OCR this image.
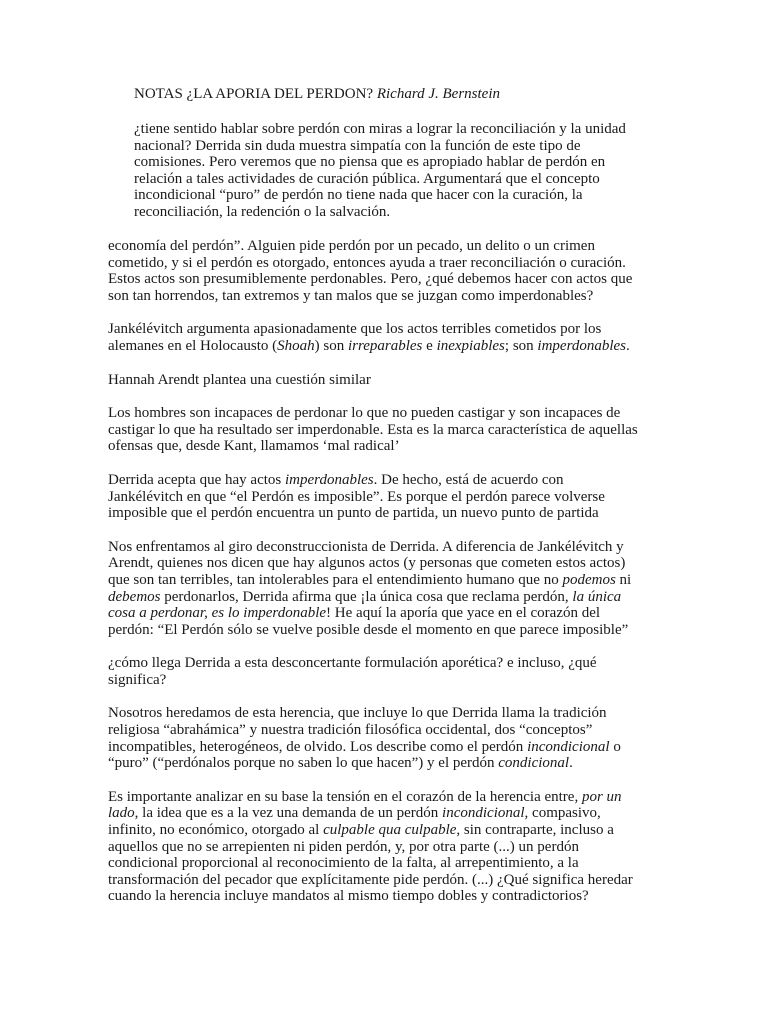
NOTAS ¿LA APORIA DEL PERDON? Richard J. Bernstein

¿tiene sentido hablar sobre perdón con miras a lograr la reconciliación y la unidad
nacional? Derrida sin duda muestra simpatía con la función de este tipo de
comisiones. Pero veremos que no piensa que es apropiado hablar de perdón en
relación a tales actividades de curación pública. Argumentará que el concepto
incondicional “puro” de perdón no tiene nada que hacer con la curación, la
reconciliación, la redención o la salvación.

economía del perdón”. Alguien pide perdón por un pecado, un delito o un crimen
cometido, y si el perdón es otorgado, entonces ayuda a traer reconciliación o curación.
Estos actos son presumiblemente perdonables. Pero, ¿qué debemos hacer con actos que
son tan horrendos, tan extremos y tan malos que se juzgan como imperdonables?

Jankélévitch argumenta apasionadamente que los actos terribles cometidos por los
alemanes en el Holocausto (Shoah) son irreparables e inexpiables; son imperdonables.

Hannah Arendt plantea una cuestión similar

Los hombres son incapaces de perdonar lo que no pueden castigar y son incapaces de
castigar lo que ha resultado ser imperdonable. Esta es la marca característica de aquellas
ofensas que, desde Kant, llamamos ‘mal radical’

Derrida acepta que hay actos imperdonables. De hecho, está de acuerdo con
Jankélévitch en que “el Perdón es imposible”. Es porque el perdón parece volverse
imposible que el perdón encuentra un punto de partida, un nuevo punto de partida

Nos enfrentamos al giro deconstruccionista de Derrida. A diferencia de Jankélévitch y
Arendt, quienes nos dicen que hay algunos actos (y personas que cometen estos actos)
que son tan terribles, tan intolerables para el entendimiento humano que no podemos ni
debemos perdonarlos, Derrida afirma que ¡la única cosa que reclama perdón, la única
cosa a perdonar, es lo imperdonable! He aquí la aporía que yace en el corazón del
perdón: “El Perdón sólo se vuelve posible desde el momento en que parece imposible”

¿cómo llega Derrida a esta desconcertante formulación aporética? e incluso, ¿qué
significa?

Nosotros heredamos de esta herencia, que incluye lo que Derrida llama la tradición
religiosa “abrahámica” y nuestra tradición filosófica occidental, dos “conceptos”
incompatibles, heterogéneos, de olvido. Los describe como el perdón incondicional o
“puro” (“perdónalos porque no saben lo que hacen”) y el perdón condicional.

Es importante analizar en su base la tensión en el corazón de la herencia entre, por un
lado, la idea que es a la vez una demanda de un perdón incondicional, compasivo,
infinito, no económico, otorgado al culpable qua culpable, sin contraparte, incluso a
aquellos que no se arrepienten ni piden perdón, y, por otra parte (...) un perdón
condicional proporcional al reconocimiento de la falta, al arrepentimiento, a la
transformación del pecador que explícitamente pide perdón. (...) ¿Qué significa heredar
cuando la herencia incluye mandatos al mismo tiempo dobles y contradictorios?
